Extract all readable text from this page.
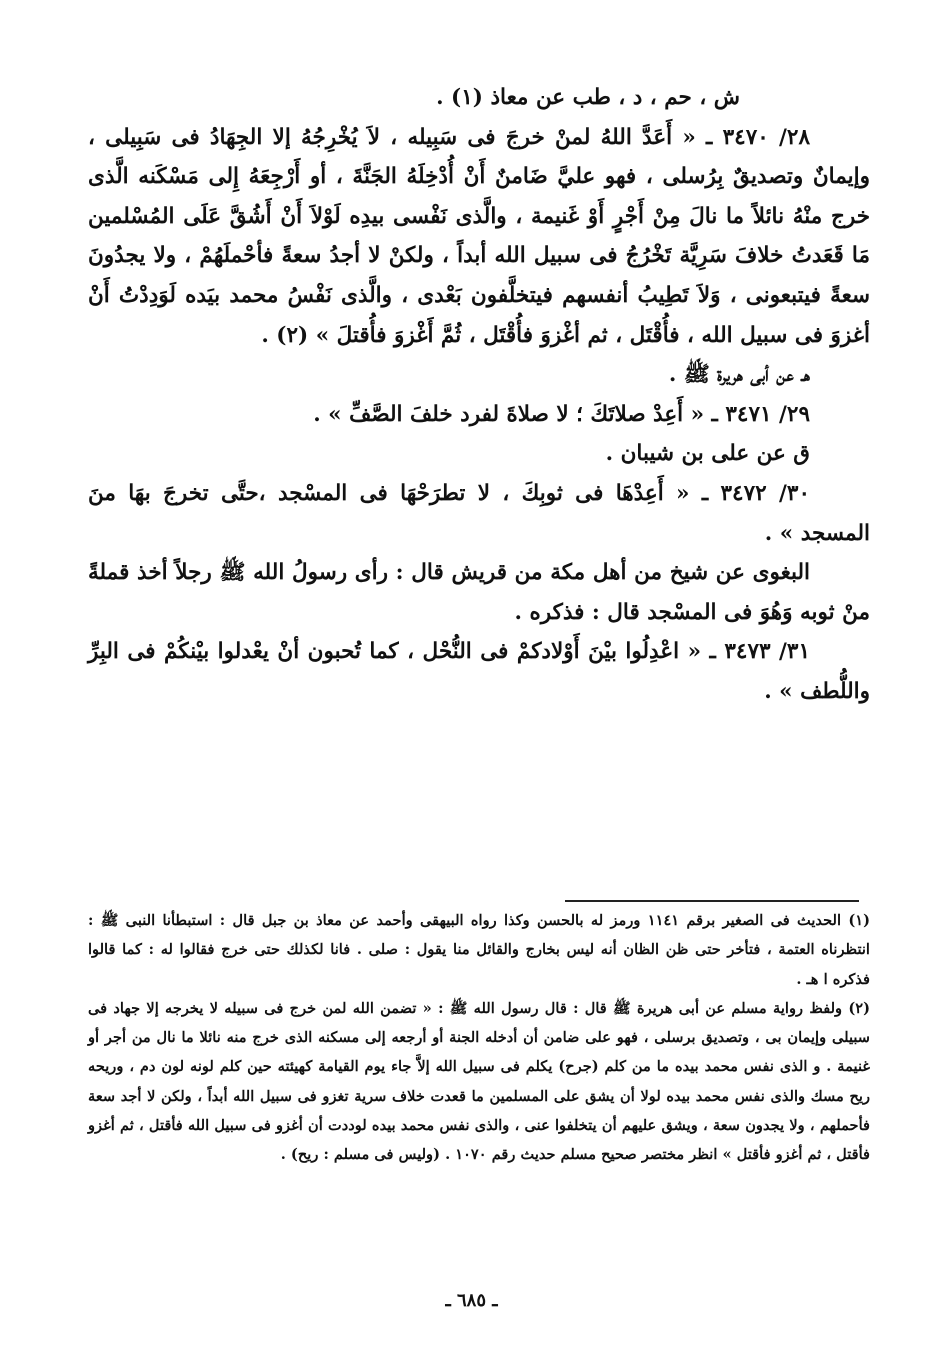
ش ، حم ، د ، طب عن معاذ (١) .

٢٨/ ٣٤٧٠ ـ « أَعَدَّ اللهُ لمنْ خرجَ فى سَبِيله ، لاَ يُخْرِجُهُ إلا الجِهَادُ فى سَبِيلى ، وإيمانٌ وتصديقٌ بِرُسلى ، فهو عليَّ ضَامنٌ أَنْ أُدْخِلَهُ الجَنَّةَ ، أو أَرْجِعَهُ إِلى مَسْكَنه الَّذى خرج منْهُ نائلاً ما نالَ مِنْ أَجْرٍ أَوْ غَنيمة ، والَّذى نَفْسى بيدِه لَوْلاَ أَنْ أَشُقَّ عَلَى المُسْلمين مَا قَعَدتُ خلافَ سَرِيَّة تَخْرُجُ فى سبيل الله أبداً ، ولكنْ لا أجدُ سعةً فأحْملَهُمْ ، ولا يجدُونَ سعةً فيتبعونى ، وَلاَ تَطِيبُ أنفسهم فيتخلَّفون بَعْدى ، والَّذى نَفْسُ محمد بيَده لَوَدِدْتُ أَنْ أغزوَ فى سبيل الله ، فأُقْتَل ، ثم أغْزوَ فأُقْتَل ، ثُمَّ أَغْزوَ فأُقتلَ » (٢) .

هـ عن أبى هريرة ﷺ .

٢٩/ ٣٤٧١ ـ « أَعِدْ صلاتَكَ ؛ لا صلاةَ لفرد خلفَ الصَّفِّ » .

ق عن على بن شيبان .

٣٠/ ٣٤٧٢ ـ « أَعِدْهَا فى ثوبِكَ ، لا تطرَحْهَا فى المسْجد ،حتَّى تخرجَ بهَا منَ المسجد » .

البغوى عن شيخ من أهل مكة من قريش قال : رأى رسولُ الله ﷺ رجلاً أخذ قملةً منْ ثوبه وَهُوَ فى المسْجد قال : فذكره .

٣١/ ٣٤٧٣ ـ « اعْدِلُوا بيْنَ أَوْلادكمْ فى النُّحْل ، كما تُحبون أنْ يعْدلوا بيْنكُمْ فى البِرِّ واللُّطف » .

(١) الحديث فى الصغير برقم ١١٤١ ورمز له بالحسن وكذا رواه البيهقى وأحمد عن معاذ بن جبل قال : استبطأنا النبى ﷺ : انتظرناه العتمة ، فتأخر حتى ظن الظان أنه ليس بخارج والقائل منا يقول : صلى . فانا لكذلك حتى خرج فقالوا له : كما قالوا فذكره ا هـ .

(٢) ولفظ رواية مسلم عن أبى هريرة ﷺ قال : قال رسول الله ﷺ : « تضمن الله لمن خرج فى سبيله لا يخرجه إلا جهاد فى سبيلى وإيمان بى ، وتصديق برسلى ، فهو على ضامن أن أدخله الجنة أو أرجعه إلى مسكنه الذى خرج منه نائلا ما نال من أجر أو غنيمة . و الذى نفس محمد بيده ما من كلم (جرح) يكلم فى سبيل الله إلاَّ جاء يوم القيامة كهيئته حين كلم لونه لون دم ، وريحه ريح مسك والذى نفس محمد بيده لولا أن يشق على المسلمين ما قعدت خلاف سرية تغزو فى سبيل الله أبداً ، ولكن لا أجد سعة فأحملهم ، ولا يجدون سعة ، ويشق عليهم أن يتخلفوا عنى ، والذى نفس محمد بيده لوددت أن أغزو فى سبيل الله فأقتل ، ثم أغزو فأقتل ، ثم أغزو فأقتل » انظر مختصر صحيح مسلم حديث رقم ١٠٧٠ . (وليس فى مسلم : ريح) .

ـ ٦٨٥ ـ
